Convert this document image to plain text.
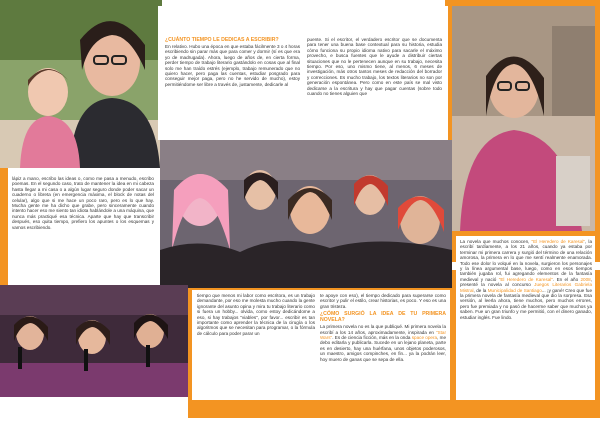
¿CUÁNTO TIEMPO LE DEDICAS A ESCRIBIR?

En relativo. Hubo una época en que estaba fácilmente 3 o 4 horas escribiendo sin parar más que para comer y dormir (sí es que era yo de madrugada). Ahora, luego de años de, en cierta forma, perder tiempo de trabajo literario gastándolo en cosas que al final solo me han traído estrés (ejemplo, trabajo remunerado que no quiero hacer, pero paga las cuentas, estudiar posgrado para conseguir mejor paga, pero no he servido de mucho), estoy permitiéndome ser libre a través de, justamente, dedicarle al

puente. Si el escritor, el verdadero escritor que se documenta para tener una buena base contextual para su historia, estudia cómo funciona su propio idioma nativo para sacarle el máximo provecho, e busca fuentes que le ayude a distribuir ciertas situaciones que no le pertenecen aunque en su trabajo, necesita tiempo. Por eso, uno mismo tiene, al menos, 6 meses de investigación, más otros tantos meses de redacción del borrador y correcciones. Es mucho trabajo, los textos literarios no son por generación espontánea. Pero como en este país se mal visto dedicarse a la escritura y hay que pagar cuentas (sobre todo cuando no tienes alguien que

lápiz a mano, escribo las ideas o, como me pasa a menudo, escribo poemas. En el segundo caso, trato de mantener la idea en mi cabeza hasta llegar a mi casa o a algún lugar seguro donde poder sacar un cuaderno o libreta (en emergencia máxima, el block de notas del celular), algo que si me hace un poco raro, pero es lo que hay. Mucha gente me ha dicho que grabe, pero sinceramente cuando intento hacer eso me siento tan idiota hablándole a una máquina, que nunca más practiqué esa técnica. Aparte que hay que transcribir después, eso quita tiempo, prefiero los apuntes o los esquemas y vamos escribiendo.

tiempo que menos mi labor como escritora, es un trabajo demandante, por eso me molesta mucho cuando la gente ignorante del asunto opina y mira tu trabajo literario como si fuera un hobby... olvida, como estoy dedicándome a eso, si hay trabajos "viables", por favor... escribir es tan importante como aprender la técnica de la cirugía o los algoritmos que se necesitan para programar, o la fórmula de cálculo para poder parar un

te apoye con eso), el tiempo dedicado para superarse como escritor y pulir el estilo, crear historias, es poco. Y eso es una gran tristeza.

¿CÓMO SURGIÓ LA IDEA DE TU PRIMERA NOVELA?

La primera novela no es la que publiqué. Mi primera novela la escribí a los 14 años, aproximadamente, inspirada en "Star Wars". Es de ciencia ficción, más en la onda space opera, me debo editarla y publicarla. Sucede en un lejano planeta, parte es en desierto, hay una huérfana, unos objetos poderosos, un maestro, amigos compinches, en fin... ya la podrán leer, hoy muero de ganas que se sepa de ella.

La novela que muchos conocen, "El Heredero de Karesal", la escribí tardíamente, a los 21 años, cuando ya estaba por terminar mi primera carrera y surgió del término de una relación amorosa, la primera en lo que me sentí realmente enamorada. Todo ese dolor lo volqué en la novela, surgieron los personajes y la línea argumental base, luego, como en esos tiempos también jugaba rol, fui agregando elementos de la fantasía medieval y nació "El Heredero de Karesal". En el año 2008, presenté la novela al concurso Juegos Literarios Gabriela Mistral, de la Municipalidad de Santiago... ¡y gané! Creo que fue la primera novela de fantasía medieval que dio la sorpresa. Esa versión, al leerla ahora, tiene muchos, pero muchos errores, pero fue premiada y no pasó de hacerme saber que muchos ya saben. Fue un gran triunfo y me permitió, con el dinero ganado, estudiar inglés. Fue lindo.
